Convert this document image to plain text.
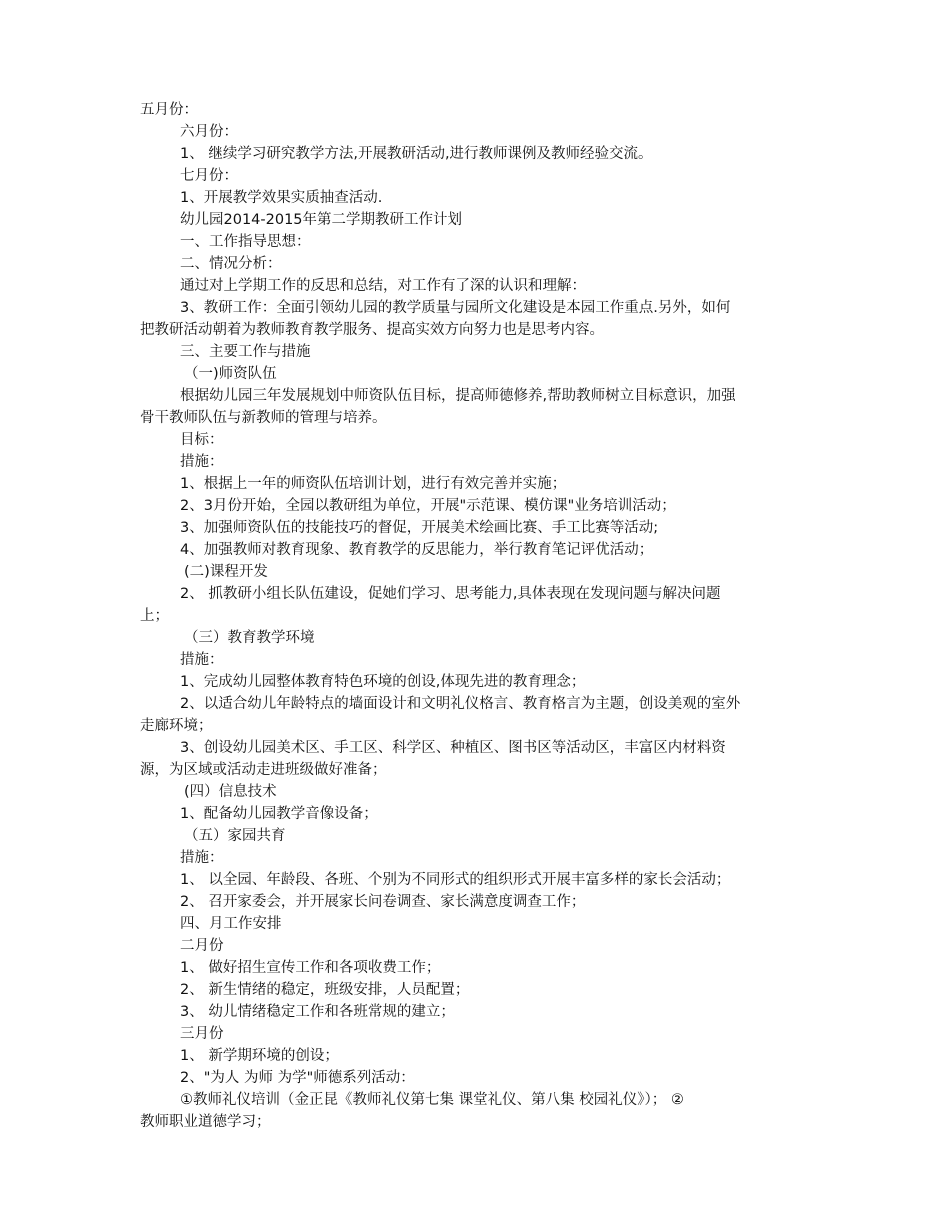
五月份：
六月份：
1、 继续学习研究教学方法,开展教研活动,进行教师课例及教师经验交流。
七月份：
1、开展教学效果实质抽查活动.
幼儿园2014-2015年第二学期教研工作计划
一、工作指导思想：
二、情况分析：
通过对上学期工作的反思和总结，对工作有了深的认识和理解：
3、教研工作：全面引领幼儿园的教学质量与园所文化建设是本园工作重点.另外，如何
把教研活动朝着为教师教育教学服务、提高实效方向努力也是思考内容。
三、主要工作与措施
（一)师资队伍
根据幼儿园三年发展规划中师资队伍目标，提高师德修养,帮助教师树立目标意识，加强
骨干教师队伍与新教师的管理与培养。
目标：
措施：
1、根据上一年的师资队伍培训计划，进行有效完善并实施；
2、3月份开始，全园以教研组为单位，开展"示范课、模仿课"业务培训活动；
3、加强师资队伍的技能技巧的督促，开展美术绘画比赛、手工比赛等活动;
4、加强教师对教育现象、教育教学的反思能力，举行教育笔记评优活动；
(二)课程开发
2、 抓教研小组长队伍建设，促她们学习、思考能力,具体表现在发现问题与解决问题
上；
（三）教育教学环境
措施：
1、完成幼儿园整体教育特色环境的创设,体现先进的教育理念；
2、以适合幼儿年龄特点的墙面设计和文明礼仪格言、教育格言为主题，创设美观的室外
走廊环境；
3、创设幼儿园美术区、手工区、科学区、种植区、图书区等活动区，丰富区内材料资
源，为区域或活动走进班级做好准备；
(四）信息技术
1、配备幼儿园教学音像设备；
（五）家园共育
措施：
1、 以全园、年龄段、各班、个别为不同形式的组织形式开展丰富多样的家长会活动；
2、 召开家委会，并开展家长问卷调查、家长满意度调查工作；
四、月工作安排
二月份
1、 做好招生宣传工作和各项收费工作；
2、 新生情绪的稳定，班级安排，人员配置；
3、 幼儿情绪稳定工作和各班常规的建立；
三月份
1、 新学期环境的创设；
2、"为人 为师 为学"师德系列活动：
①教师礼仪培训（金正昆《教师礼仪第七集 课堂礼仪、第八集 校园礼仪》）； ②
教师职业道德学习；
